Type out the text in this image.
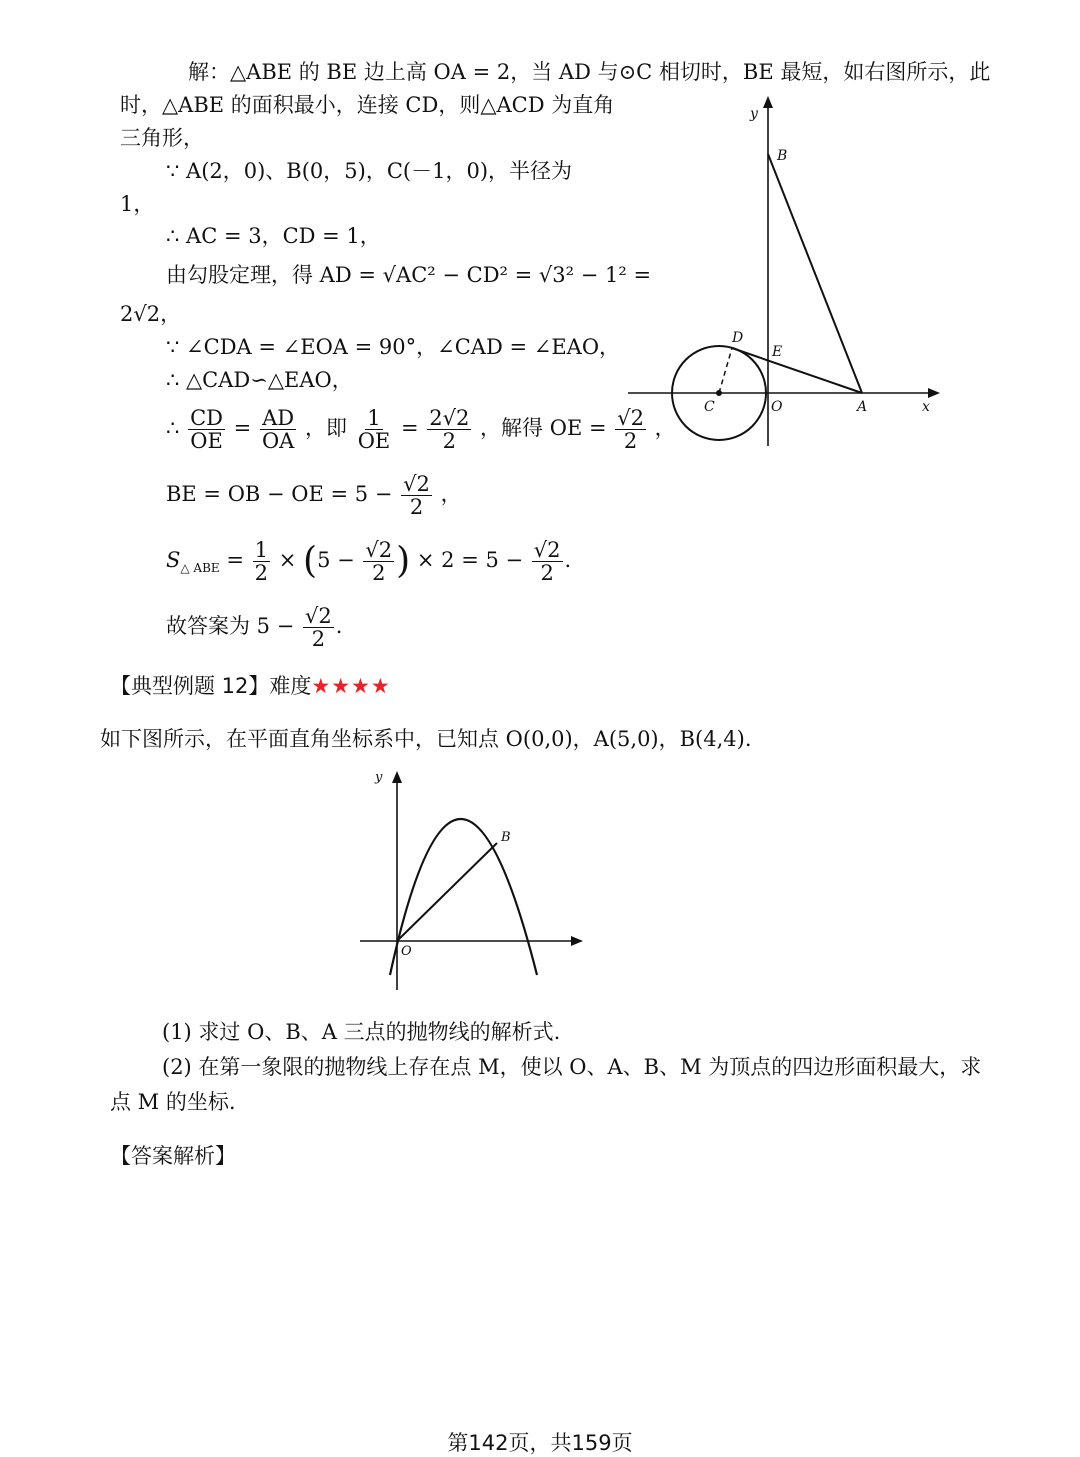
解：△ABE 的 BE 边上高 OA = 2，当 AD 与⊙C 相切时，BE 最短，如右图所示，此
时，△ABE 的面积最小，连接 CD，则△ACD 为直角
三角形，
∵ A(2，0)、B(0，5)，C(－1，0)，半径为
1，
∴ AC = 3，CD = 1，
由勾股定理，得 AD = √AC² − CD² = √3² − 1² =
2√2，
∵ ∠CDA = ∠EOA = 90°，∠CAD = ∠EAO，
∴ △CAD∽△EAO，
∴ $\frac{CD}{OE} = \frac{AD}{OA}$ ，即 $\frac{1}{OE} = \frac{2√2}{2}$ ，解得 OE = $\frac{√2}{2}$ ，
BE = OB − OE = $5 - \frac{√2}{2}$ ，
$S_{\triangle ABE} = \frac{1}{2} \times (5 - \frac{√2}{2}$ ) × $2 = 5 - \frac{√2}{2}$ .
故答案为 $5 - \frac{√2}{2}$ .
y
B
D
E
C	O	A	x
【典型例题 12】难度★★★★
如下图所示，在平面直角坐标系中，已知点 O(0,0)，A(5,0)，B(4,4).
y
B
O
(1) 求过 O、B、A 三点的抛物线的解析式.
(2) 在第一象限的抛物线上存在点 M，使以 O、A、B、M 为顶点的四边形面积最大，求
点 M 的坐标.
【答案解析】
第142页，共159页
